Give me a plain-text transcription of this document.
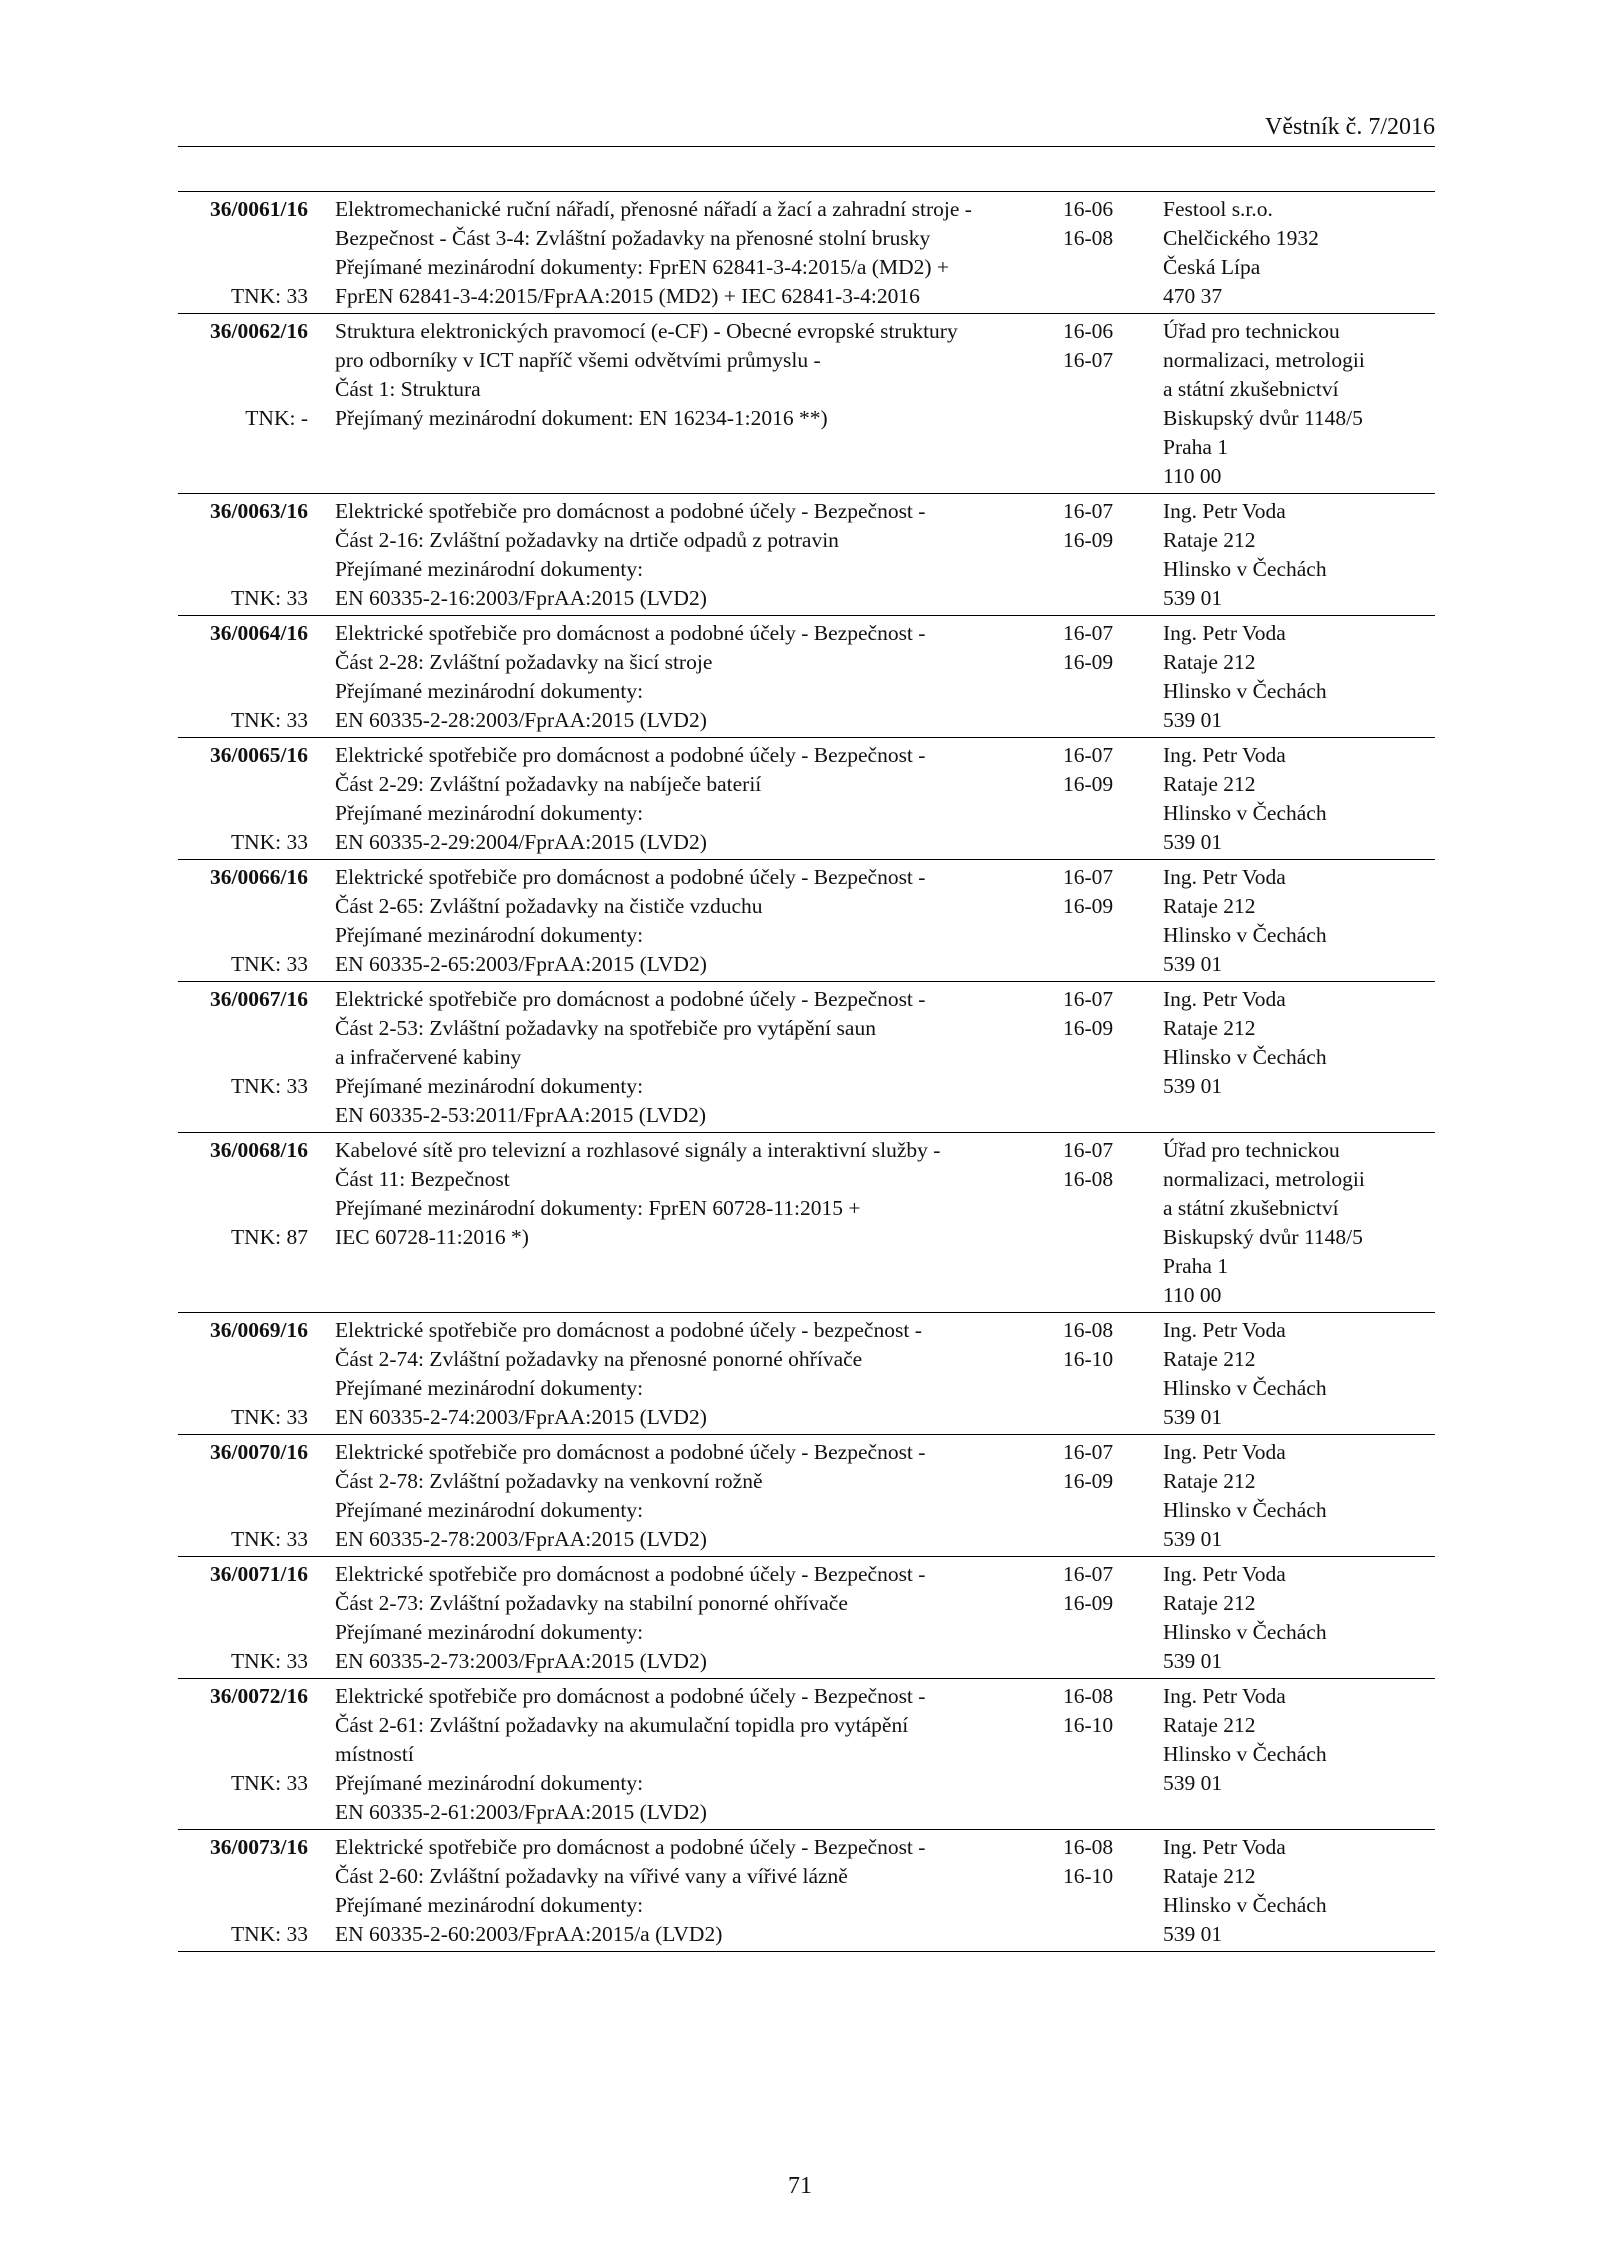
Věstník č. 7/2016
36/0061/16
TNK: 33
Elektromechanické ruční nářadí, přenosné nářadí a žací a zahradní stroje -
Bezpečnost - Část 3-4: Zvláštní požadavky na přenosné stolní brusky
Přejímané mezinárodní dokumenty: FprEN 62841-3-4:2015/a (MD2) +
FprEN 62841-3-4:2015/FprAA:2015 (MD2) + IEC 62841-3-4:2016
16-06
16-08
Festool s.r.o.
Chelčického 1932
Česká Lípa
470 37
36/0062/16
TNK: -
Struktura elektronických pravomocí (e-CF) - Obecné evropské struktury
pro odborníky v ICT napříč všemi odvětvími průmyslu -
Část 1: Struktura
Přejímaný mezinárodní dokument: EN 16234-1:2016 **)
16-06
16-07
Úřad pro technickou
normalizaci, metrologii
a státní zkušebnictví
Biskupský dvůr 1148/5
Praha 1
110 00
36/0063/16
TNK: 33
Elektrické spotřebiče pro domácnost a podobné účely - Bezpečnost -
Část 2-16: Zvláštní požadavky na drtiče odpadů z potravin
Přejímané mezinárodní dokumenty:
EN 60335-2-16:2003/FprAA:2015 (LVD2)
16-07
16-09
Ing. Petr Voda
Rataje 212
Hlinsko v Čechách
539 01
36/0064/16
TNK: 33
Elektrické spotřebiče pro domácnost a podobné účely - Bezpečnost -
Část 2-28: Zvláštní požadavky na šicí stroje
Přejímané mezinárodní dokumenty:
EN 60335-2-28:2003/FprAA:2015 (LVD2)
16-07
16-09
Ing. Petr Voda
Rataje 212
Hlinsko v Čechách
539 01
36/0065/16
TNK: 33
Elektrické spotřebiče pro domácnost a podobné účely - Bezpečnost -
Část 2-29: Zvláštní požadavky na nabíječe baterií
Přejímané mezinárodní dokumenty:
EN 60335-2-29:2004/FprAA:2015 (LVD2)
16-07
16-09
Ing. Petr Voda
Rataje 212
Hlinsko v Čechách
539 01
36/0066/16
TNK: 33
Elektrické spotřebiče pro domácnost a podobné účely - Bezpečnost -
Část 2-65: Zvláštní požadavky na čističe vzduchu
Přejímané mezinárodní dokumenty:
EN 60335-2-65:2003/FprAA:2015 (LVD2)
16-07
16-09
Ing. Petr Voda
Rataje 212
Hlinsko v Čechách
539 01
36/0067/16
TNK: 33
Elektrické spotřebiče pro domácnost a podobné účely - Bezpečnost -
Část 2-53: Zvláštní požadavky na spotřebiče pro vytápění saun
a infračervené kabiny
Přejímané mezinárodní dokumenty:
EN 60335-2-53:2011/FprAA:2015 (LVD2)
16-07
16-09
Ing. Petr Voda
Rataje 212
Hlinsko v Čechách
539 01
36/0068/16
TNK: 87
Kabelové sítě pro televizní a rozhlasové signály a interaktivní služby -
Část 11: Bezpečnost
Přejímané mezinárodní dokumenty: FprEN 60728-11:2015 +
IEC 60728-11:2016 *)
16-07
16-08
Úřad pro technickou
normalizaci, metrologii
a státní zkušebnictví
Biskupský dvůr 1148/5
Praha 1
110 00
36/0069/16
TNK: 33
Elektrické spotřebiče pro domácnost a podobné účely - bezpečnost -
Část 2-74: Zvláštní požadavky na přenosné ponorné ohřívače
Přejímané mezinárodní dokumenty:
EN 60335-2-74:2003/FprAA:2015 (LVD2)
16-08
16-10
Ing. Petr Voda
Rataje 212
Hlinsko v Čechách
539 01
36/0070/16
TNK: 33
Elektrické spotřebiče pro domácnost a podobné účely - Bezpečnost -
Část 2-78: Zvláštní požadavky na venkovní rožně
Přejímané mezinárodní dokumenty:
EN 60335-2-78:2003/FprAA:2015 (LVD2)
16-07
16-09
Ing. Petr Voda
Rataje 212
Hlinsko v Čechách
539 01
36/0071/16
TNK: 33
Elektrické spotřebiče pro domácnost a podobné účely - Bezpečnost -
Část 2-73: Zvláštní požadavky na stabilní ponorné ohřívače
Přejímané mezinárodní dokumenty:
EN 60335-2-73:2003/FprAA:2015 (LVD2)
16-07
16-09
Ing. Petr Voda
Rataje 212
Hlinsko v Čechách
539 01
36/0072/16
TNK: 33
Elektrické spotřebiče pro domácnost a podobné účely - Bezpečnost -
Část 2-61: Zvláštní požadavky na akumulační topidla pro vytápění
místností
Přejímané mezinárodní dokumenty:
EN 60335-2-61:2003/FprAA:2015 (LVD2)
16-08
16-10
Ing. Petr Voda
Rataje 212
Hlinsko v Čechách
539 01
36/0073/16
TNK: 33
Elektrické spotřebiče pro domácnost a podobné účely - Bezpečnost -
Část 2-60: Zvláštní požadavky na vířivé vany a vířivé lázně
Přejímané mezinárodní dokumenty:
EN 60335-2-60:2003/FprAA:2015/a (LVD2)
16-08
16-10
Ing. Petr Voda
Rataje 212
Hlinsko v Čechách
539 01
71
